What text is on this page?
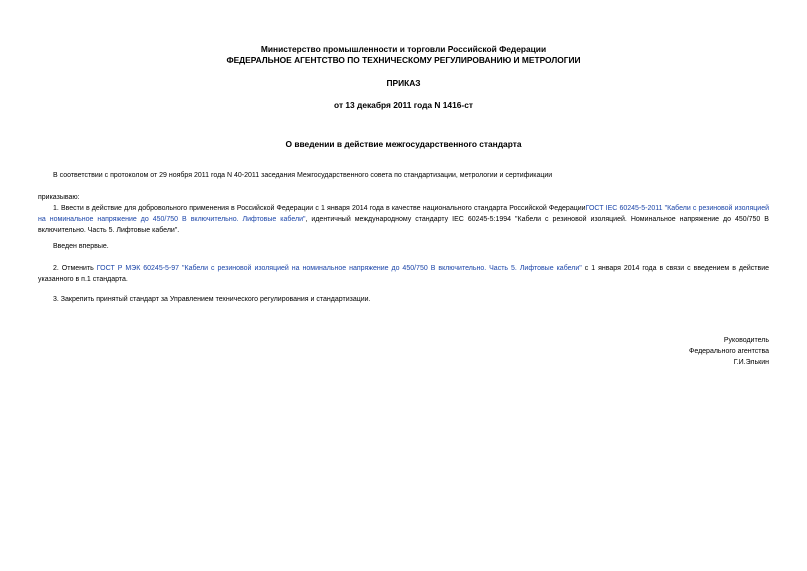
Министерство промышленности и торговли Российской Федерации
ФЕДЕРАЛЬНОЕ АГЕНТСТВО ПО ТЕХНИЧЕСКОМУ РЕГУЛИРОВАНИЮ И МЕТРОЛОГИИ
ПРИКАЗ
от 13 декабря 2011 года N 1416-ст
О введении в действие межгосударственного стандарта

В соответствии с протоколом от 29 ноября 2011 года N 40-2011 заседания Межгосударственного совета по стандартизации, метрологии и сертификации

приказываю:

1. Ввести в действие для добровольного применения в Российской Федерации с 1 января 2014 года в качестве национального стандарта Российской ФедерацииГОСТ IEC 60245-5-2011 "Кабели с резиновой изоляцией на номинальное напряжение до 450/750 В включительно. Лифтовые кабели", идентичный международному стандарту IEC 60245-5:1994 "Кабели с резиновой изоляцией. Номинальное напряжение до 450/750 В включительно. Часть 5. Лифтовые кабели".

Введен впервые.

2. Отменить ГОСТ Р МЭК 60245-5-97 "Кабели с резиновой изоляцией на номинальное напряжение до 450/750 В включительно. Часть 5. Лифтовые кабели" с 1 января 2014 года в связи с введением в действие указанного в п.1 стандарта.

3. Закрепить принятый стандарт за Управлением технического регулирования и стандартизации.

Руководитель
Федерального агентства
Г.И.Элькин
